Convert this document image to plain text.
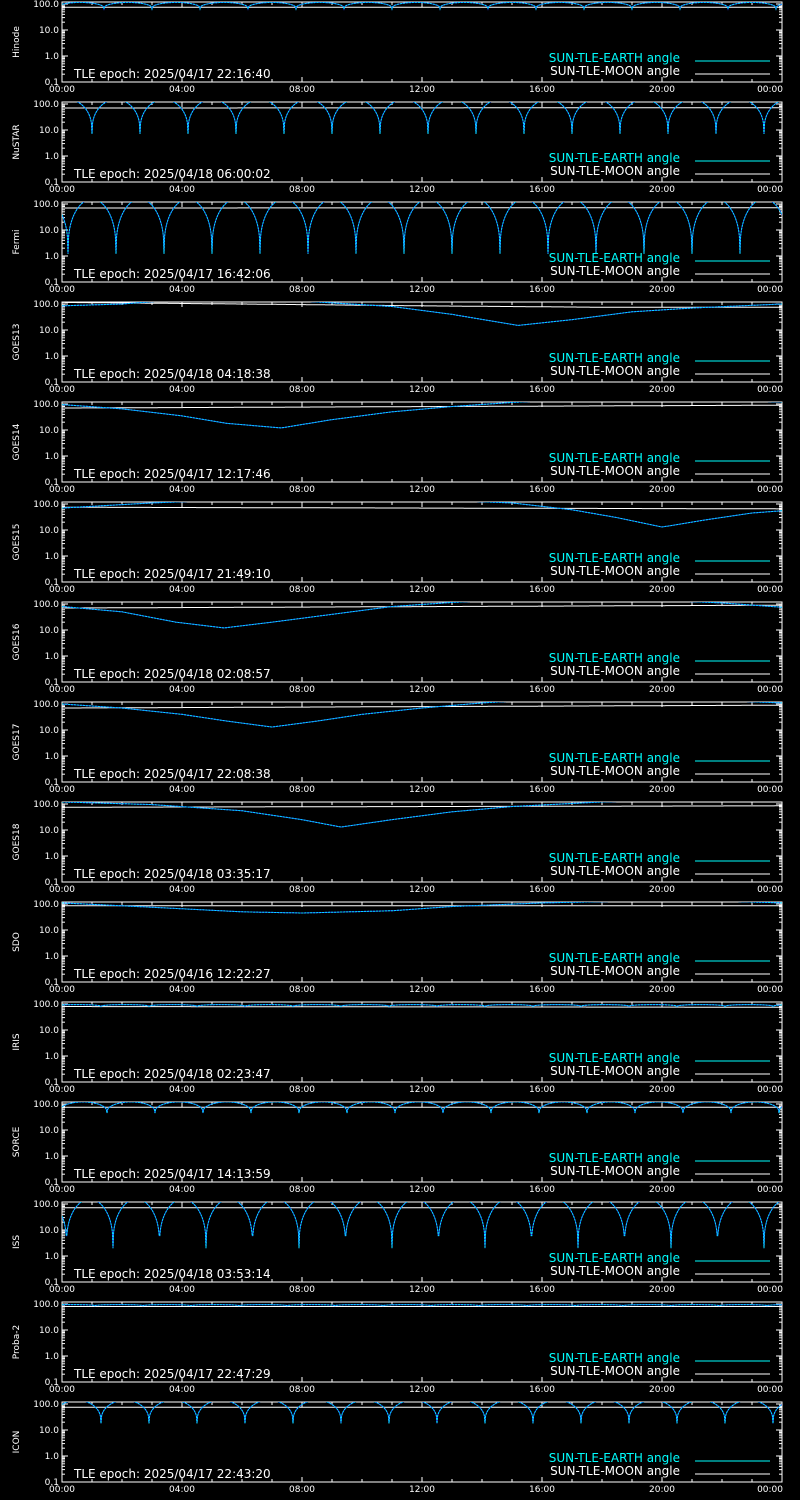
0.1
1.0
10.0
100.0
00:00	04:00	08:00	12:00	16:00	20:00	00:00
Hinode
TLE epoch: 2025/04/17 22:16:40
SUN-TLE-EARTH angle
SUN-TLE-MOON angle
0.1
1.0
10.0
100.0
00:00	04:00	08:00	12:00	16:00	20:00	00:00
NuSTAR
TLE epoch: 2025/04/18 06:00:02
SUN-TLE-EARTH angle
SUN-TLE-MOON angle
0.1
1.0
10.0
100.0
00:00	04:00	08:00	12:00	16:00	20:00	00:00
Fermi
TLE epoch: 2025/04/17 16:42:06
SUN-TLE-EARTH angle
SUN-TLE-MOON angle
0.1
1.0
10.0
100.0
00:00	04:00	08:00	12:00	16:00	20:00	00:00
GOES13
TLE epoch: 2025/04/18 04:18:38
SUN-TLE-EARTH angle
SUN-TLE-MOON angle
0.1
1.0
10.0
100.0
00:00	04:00	08:00	12:00	16:00	20:00	00:00
GOES14
TLE epoch: 2025/04/17 12:17:46
SUN-TLE-EARTH angle
SUN-TLE-MOON angle
0.1
1.0
10.0
100.0
00:00	04:00	08:00	12:00	16:00	20:00	00:00
GOES15
TLE epoch: 2025/04/17 21:49:10
SUN-TLE-EARTH angle
SUN-TLE-MOON angle
0.1
1.0
10.0
100.0
00:00	04:00	08:00	12:00	16:00	20:00	00:00
GOES16
TLE epoch: 2025/04/18 02:08:57
SUN-TLE-EARTH angle
SUN-TLE-MOON angle
0.1
1.0
10.0
100.0
00:00	04:00	08:00	12:00	16:00	20:00	00:00
GOES17
TLE epoch: 2025/04/17 22:08:38
SUN-TLE-EARTH angle
SUN-TLE-MOON angle
0.1
1.0
10.0
100.0
00:00	04:00	08:00	12:00	16:00	20:00	00:00
GOES18
TLE epoch: 2025/04/18 03:35:17
SUN-TLE-EARTH angle
SUN-TLE-MOON angle
0.1
1.0
10.0
100.0
00:00	04:00	08:00	12:00	16:00	20:00	00:00
SDO
TLE epoch: 2025/04/16 12:22:27
SUN-TLE-EARTH angle
SUN-TLE-MOON angle
0.1
1.0
10.0
100.0
00:00	04:00	08:00	12:00	16:00	20:00	00:00
IRIS
TLE epoch: 2025/04/18 02:23:47
SUN-TLE-EARTH angle
SUN-TLE-MOON angle
0.1
1.0
10.0
100.0
00:00	04:00	08:00	12:00	16:00	20:00	00:00
SORCE
TLE epoch: 2025/04/17 14:13:59
SUN-TLE-EARTH angle
SUN-TLE-MOON angle
0.1
1.0
10.0
100.0
00:00	04:00	08:00	12:00	16:00	20:00	00:00
ISS
TLE epoch: 2025/04/18 03:53:14
SUN-TLE-EARTH angle
SUN-TLE-MOON angle
0.1
1.0
10.0
100.0
00:00	04:00	08:00	12:00	16:00	20:00	00:00
Proba-2
TLE epoch: 2025/04/17 22:47:29
SUN-TLE-EARTH angle
SUN-TLE-MOON angle
0.1
1.0
10.0
100.0
00:00	04:00	08:00	12:00	16:00	20:00	00:00
ICON
TLE epoch: 2025/04/17 22:43:20
SUN-TLE-EARTH angle
SUN-TLE-MOON angle
